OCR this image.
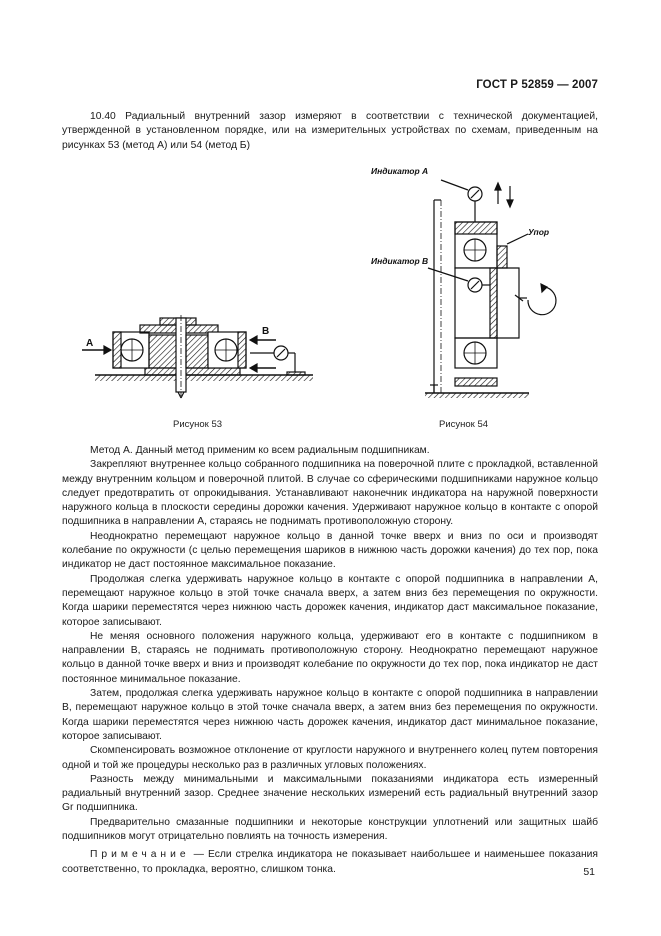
ГОСТ Р 52859 — 2007

10.40 Радиальный внутренний зазор измеряют в соответствии с технической документацией, утвержденной в установленном порядке, или на измерительных устройствах по схемам, приведенным на рисунках 53 (метод А) или 54 (метод Б)

А
В
Индикатор А
Индикатор В
Упор
Рисунок 53	Рисунок 54

Метод А. Данный метод применим ко всем радиальным подшипникам.

Закрепляют внутреннее кольцо собранного подшипника на поверочной плите с прокладкой, вставленной между внутренним кольцом и поверочной плитой. В случае со сферическими подшипниками наружное кольцо следует предотвратить от опрокидывания. Устанавливают наконечник индикатора на наружной поверхности наружного кольца в плоскости середины дорожки качения. Удерживают наружное кольцо в контакте с опорой подшипника в направлении А, стараясь не поднимать противоположную сторону.

Неоднократно перемещают наружное кольцо в данной точке вверх и вниз по оси и производят колебание по окружности (с целью перемещения шариков в нижнюю часть дорожки качения) до тех пор, пока индикатор не даст постоянное максимальное показание.

Продолжая слегка удерживать наружное кольцо в контакте с опорой подшипника в направлении А, перемещают наружное кольцо в этой точке сначала вверх, а затем вниз без перемещения по окружности. Когда шарики переместятся через нижнюю часть дорожек качения, индикатор даст максимальное показание, которое записывают.

Не меняя основного положения наружного кольца, удерживают его в контакте с подшипником в направлении В, стараясь не поднимать противоположную сторону. Неоднократно перемещают наружное кольцо в данной точке вверх и вниз и производят колебание по окружности до тех пор, пока индикатор не даст постоянное минимальное показание.

Затем, продолжая слегка удерживать наружное кольцо в контакте с опорой подшипника в направлении В, перемещают наружное кольцо в этой точке сначала вверх, а затем вниз без перемещения по окружности. Когда шарики переместятся через нижнюю часть дорожек качения, индикатор даст минимальное показание, которое записывают.

Скомпенсировать возможное отклонение от круглости наружного и внутреннего колец путем повторения одной и той же процедуры несколько раз в различных угловых положениях.

Разность между минимальными и максимальными показаниями индикатора есть измеренный радиальный внутренний зазор. Среднее значение нескольких измерений есть радиальный внутренний зазор Gr подшипника.

Предварительно смазанные подшипники и некоторые конструкции уплотнений или защитных шайб подшипников могут отрицательно повлиять на точность измерения.

Примечание — Если стрелка индикатора не показывает наибольшее и наименьшее показания соответственно, то прокладка, вероятно, слишком тонка.	51
